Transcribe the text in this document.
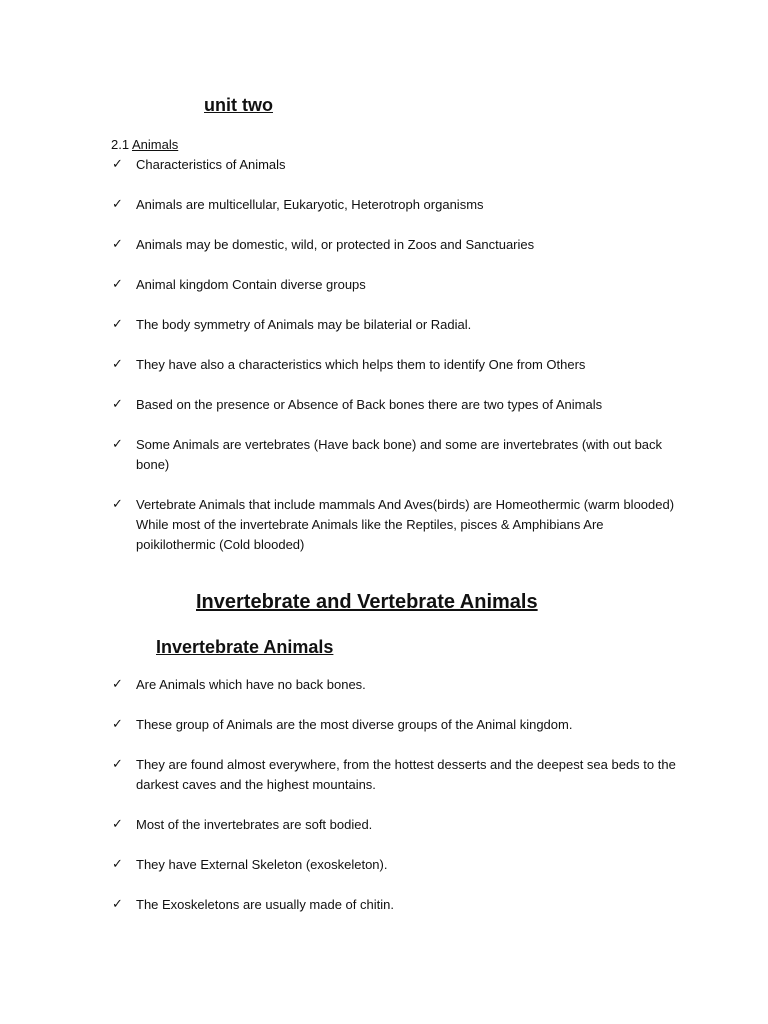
unit two

2.1 Animals

✓ Characteristics of Animals
✓ Animals are multicellular, Eukaryotic, Heterotroph organisms
✓ Animals may be domestic, wild, or protected in Zoos and Sanctuaries
✓ Animal kingdom Contain diverse groups
✓ The body symmetry of Animals may be bilaterial or Radial.
✓ They have also a characteristics which helps them to identify One from Others
✓ Based on the presence or Absence of Back bones there are two types of Animals
✓ Some Animals are vertebrates (Have back bone) and some are invertebrates (with out back bone)
✓ Vertebrate Animals that include mammals And Aves(birds) are Homeothermic (warm blooded) While most of the invertebrate Animals like the Reptiles, pisces & Amphibians Are poikilothermic (Cold blooded)
Invertebrate and Vertebrate Animals
Invertebrate Animals
✓ Are Animals which have no back bones.
✓ These group of Animals are the most diverse groups of the Animal kingdom.
✓ They are found almost everywhere, from the hottest desserts and the deepest sea beds to the darkest caves and the highest mountains.
✓ Most of the invertebrates are soft bodied.
✓ They have External Skeleton (exoskeleton).
✓ The Exoskeletons are usually made of chitin.
